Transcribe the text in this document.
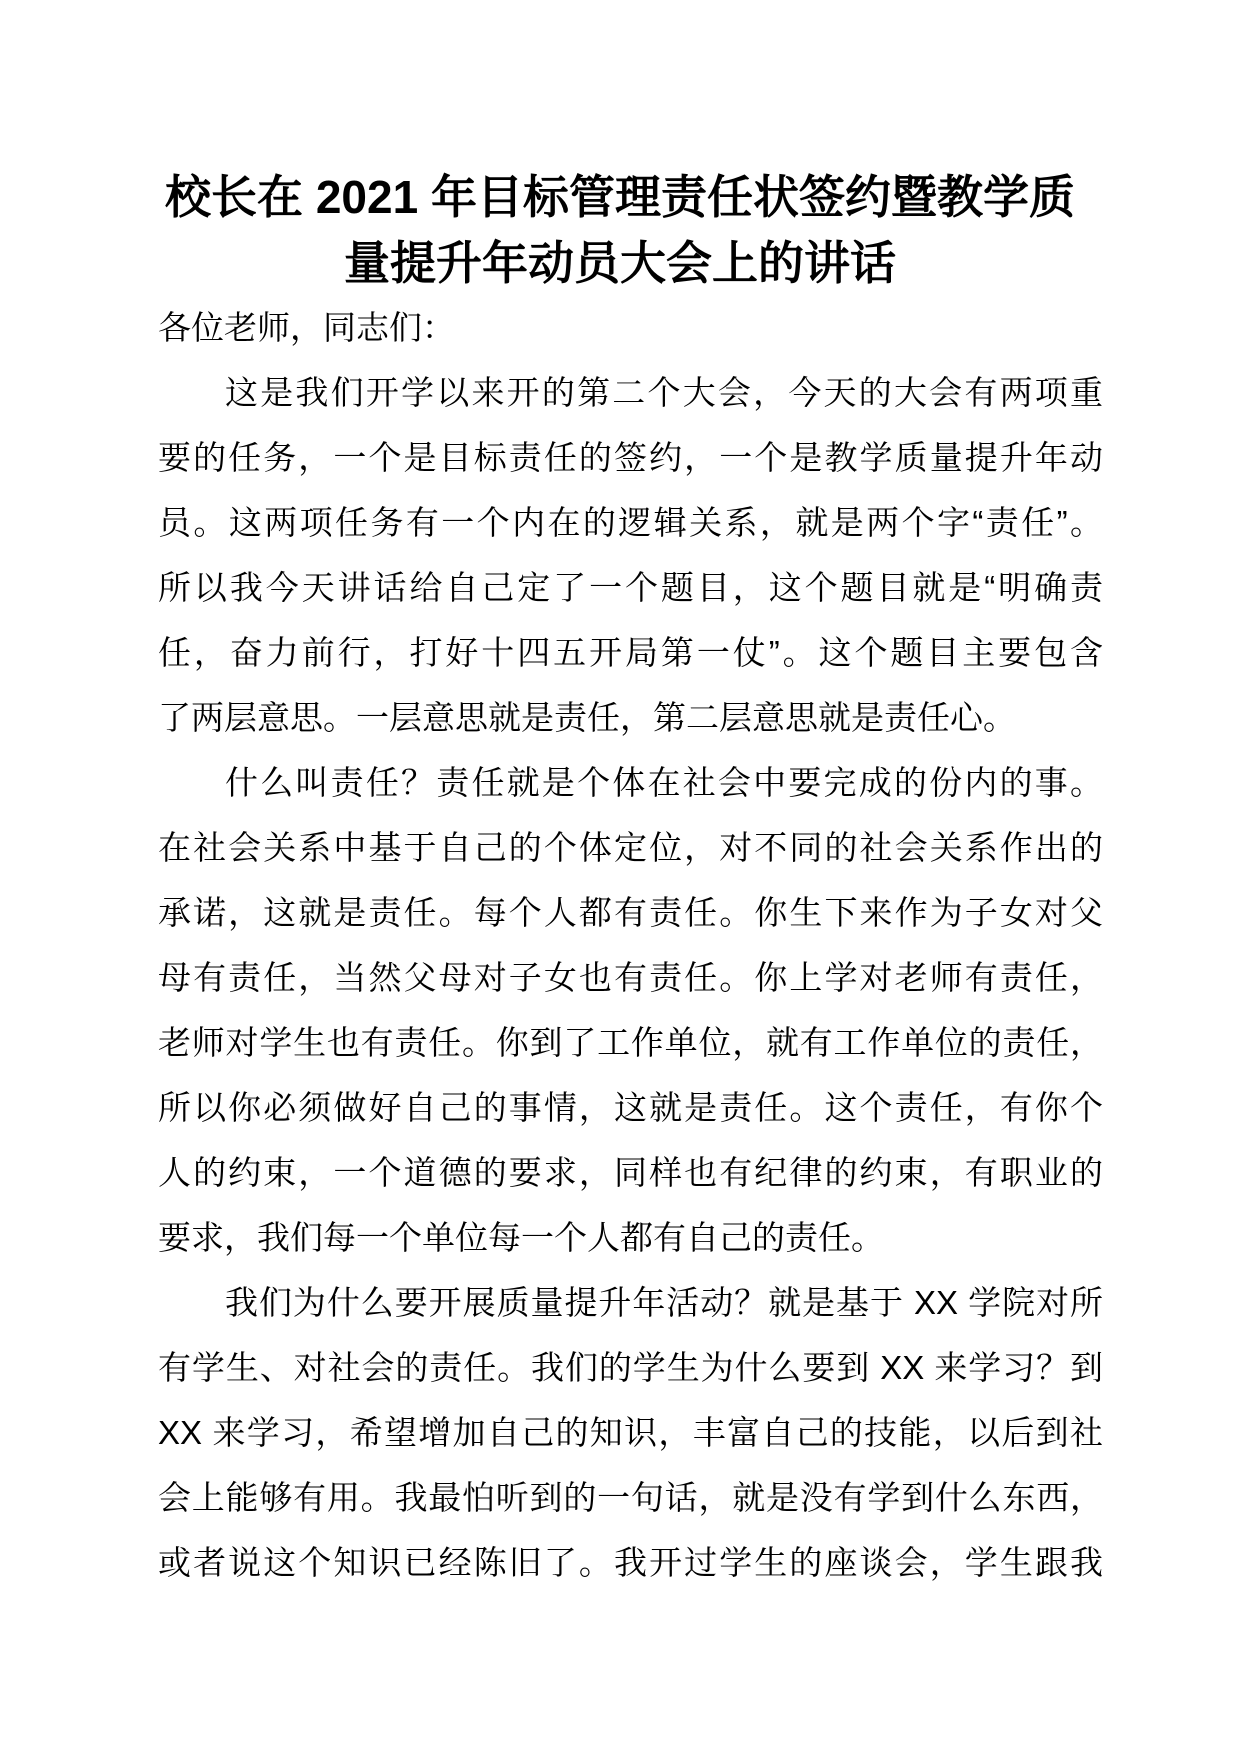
校长在 2021 年目标管理责任状签约暨教学质
量提升年动员大会上的讲话
各位老师，同志们：
这是我们开学以来开的第二个大会，今天的大会有两项重
要的任务，一个是目标责任的签约，一个是教学质量提升年动
员。这两项任务有一个内在的逻辑关系，就是两个字“责任”。
所以我今天讲话给自己定了一个题目，这个题目就是“明确责
任，奋力前行，打好十四五开局第一仗”。这个题目主要包含
了两层意思。一层意思就是责任，第二层意思就是责任心。
什么叫责任？责任就是个体在社会中要完成的份内的事。
在社会关系中基于自己的个体定位，对不同的社会关系作出的
承诺，这就是责任。每个人都有责任。你生下来作为子女对父
母有责任，当然父母对子女也有责任。你上学对老师有责任，
老师对学生也有责任。你到了工作单位，就有工作单位的责任，
所以你必须做好自己的事情，这就是责任。这个责任，有你个
人的约束，一个道德的要求，同样也有纪律的约束，有职业的
要求，我们每一个单位每一个人都有自己的责任。
我们为什么要开展质量提升年活动？就是基于 XX 学院对所
有学生、对社会的责任。我们的学生为什么要到 XX 来学习？到
XX 来学习，希望增加自己的知识，丰富自己的技能，以后到社
会上能够有用。我最怕听到的一句话，就是没有学到什么东西，
或者说这个知识已经陈旧了。我开过学生的座谈会，学生跟我
